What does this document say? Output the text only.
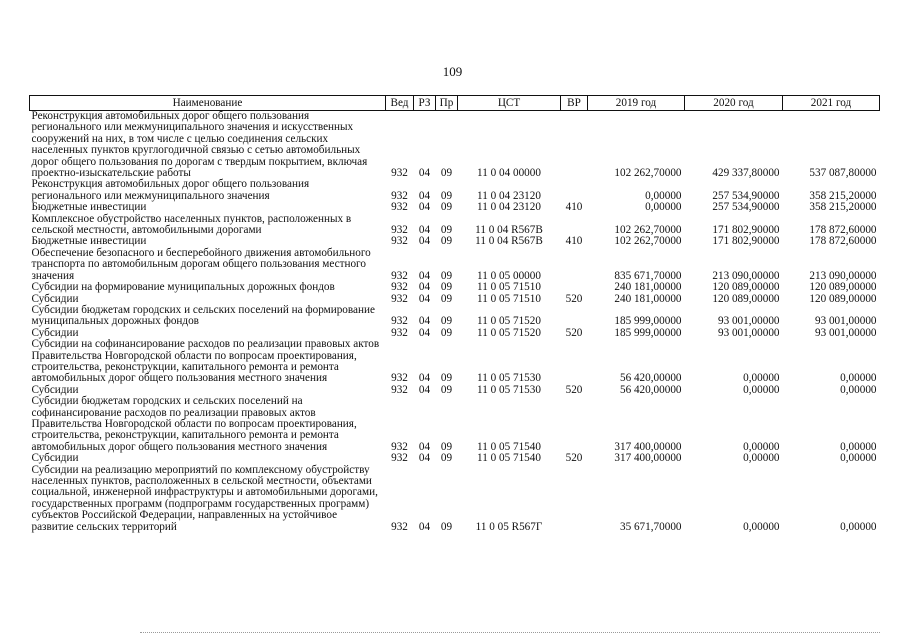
109
Наименование	Вед	РЗ	Пр	ЦСТ	ВР	2019 год	2020 год	2021 год
Реконструкция автомобильных дорог общего пользования регионального или межмуниципального значения и искусственных сооружений на них, в том числе с целью соединения сельских населенных пунктов круглогодичной связью с сетью автомобильных дорог общего пользования по дорогам с твердым покрытием, включая проектно-изыскательские работы	932	04	09	11 0 04 00000		102 262,70000	429 337,80000	537 087,80000
Реконструкция автомобильных дорог общего пользования регионального или межмуниципального значения	932	04	09	11 0 04 23120		0,00000	257 534,90000	358 215,20000
Бюджетные инвестиции	932	04	09	11 0 04 23120	410	0,00000	257 534,90000	358 215,20000
Комплексное обустройство населенных пунктов, расположенных в сельской местности, автомобильными дорогами	932	04	09	11 0 04 R567B		102 262,70000	171 802,90000	178 872,60000
Бюджетные инвестиции	932	04	09	11 0 04 R567B	410	102 262,70000	171 802,90000	178 872,60000
Обеспечение безопасного и бесперебойного движения автомобильного транспорта по автомобильным дорогам общего пользования местного значения	932	04	09	11 0 05 00000		835 671,70000	213 090,00000	213 090,00000
Субсидии на формирование муниципальных дорожных фондов	932	04	09	11 0 05 71510		240 181,00000	120 089,00000	120 089,00000
Субсидии	932	04	09	11 0 05 71510	520	240 181,00000	120 089,00000	120 089,00000
Субсидии бюджетам городских и сельских поселений на формирование муниципальных дорожных фондов	932	04	09	11 0 05 71520		185 999,00000	93 001,00000	93 001,00000
Субсидии	932	04	09	11 0 05 71520	520	185 999,00000	93 001,00000	93 001,00000
Субсидии на софинансирование расходов по реализации правовых актов Правительства Новгородской области по вопросам проектирования, строительства, реконструкции, капитального ремонта и ремонта автомобильных дорог общего пользования местного значения	932	04	09	11 0 05 71530		56 420,00000	0,00000	0,00000
Субсидии	932	04	09	11 0 05 71530	520	56 420,00000	0,00000	0,00000
Субсидии бюджетам городских и сельских поселений на софинансирование расходов по реализации правовых актов Правительства Новгородской области по вопросам проектирования, строительства, реконструкции, капитального ремонта и ремонта автомобильных дорог общего пользования местного значения	932	04	09	11 0 05 71540		317 400,00000	0,00000	0,00000
Субсидии	932	04	09	11 0 05 71540	520	317 400,00000	0,00000	0,00000
Субсидии на реализацию мероприятий по комплексному обустройству населенных пунктов, расположенных в сельской местности, объектами социальной, инженерной инфраструктуры и автомобильными дорогами, государственных программ (подпрограмм государственных программ) субъектов Российской Федерации, направленных на устойчивое развитие сельских территорий	932	04	09	11 0 05 R567Г		35 671,70000	0,00000	0,00000
